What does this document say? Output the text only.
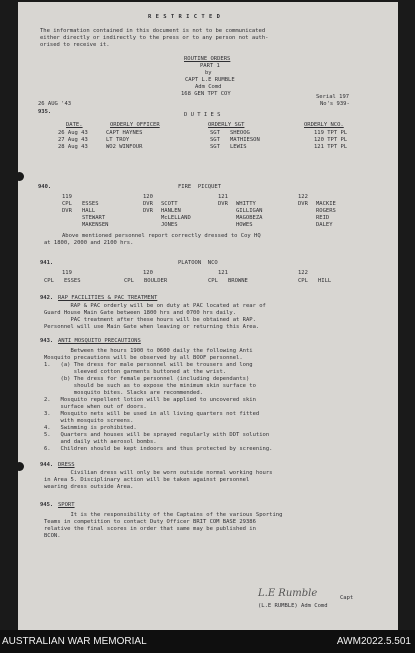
R E S T R I C T E D
The information contained in this document is not to be communicated
either directly or indirectly to the press or to any person not auth-
orised to receive it.
ROUTINE ORDERS
PART 1
by
CAPT L.E RUMBLE
Adm Comd
168 GEN TPT COY
26 AUG '43
Serial 197
No's 939-
935.	D U T I E S
DATE.	ORDERLY OFFICER	ORDERLY SGT	ORDERLY NCO.
26 Aug 43	CAPT HAYNES	SGT SHEOOG	119 TPT PL
27 Aug 43	LT TROY	SGT MATHIESON	120 TPT PL
28 Aug 43	WO2 WINFOUR	SGT LEWIS	121 TPT PL
940.	FIRE  PICQUET
119	120	121	122
CPL ESSES	DVR SCOTT	DVR WHITTY	DVR MACKIE
DVR HALL	DVR HANLEN	GILLIGAN	ROGERS
STEWART	McLELLAND	MAGOBEZA	REID
MAKENSEN	JONES	HOWES	DALEY
Above mentioned personnel report correctly dressed to Coy HQ
at 1800, 2000 and 2100 hrs.
941.	PLATOON  NCO
119	120	121	122
CPL ESSES	CPL BOULDER	CPL BROWNE	CPL HILL
942. RAP FACILITIES & PAC TREATMENT
RAP & PAC orderly will be on duty at PAC located at rear of
Guard House Main Gate between 1800 hrs and 0700 hrs daily.
PAC treatment after these hours will be obtained at RAP.
Personnel will use Main Gate when leaving or returning this Area.
943. ANTI MOSQUITO PRECAUTIONS
Between the hours 1900 to 0600 daily the following Anti
Mosquito precautions will be observed by all BOOF personnel.
1.   (a) The dress for male personnel will be trousers and long
sleeved cotton garments buttoned at the wrist.
(b) The dress for female personnel (including dependants)
should be such as to expose the minimum skin surface to
mosquito bites. Slacks are recommended.
2.   Mosquito repellent lotion will be applied to uncovered skin
surface when out of doors.
3.   Mosquito nets will be used in all living quarters not fitted
with mosquito screens.
4.   Swimming is prohibited.
5.   Quarters and houses will be sprayed regularly with DDT solution
and daily with aerosol bombs.
6.   Children should be kept indoors and thus protected by screening.
944. DRESS
Civilian dress will only be worn outside normal working hours
in Area 5. Disciplinary action will be taken against personnel
wearing dress outside Area.
945. SPORT
It is the responsibility of the Captains of the various Sporting
Teams in competition to contact Duty Officer BRIT COM BASE 29386
relative the final scores in order that same may be published in
BCON.
L.E Rumble	Capt
(L.E RUMBLE) Adm Comd
AUSTRALIAN WAR MEMORIAL	AWM2022.5.501
